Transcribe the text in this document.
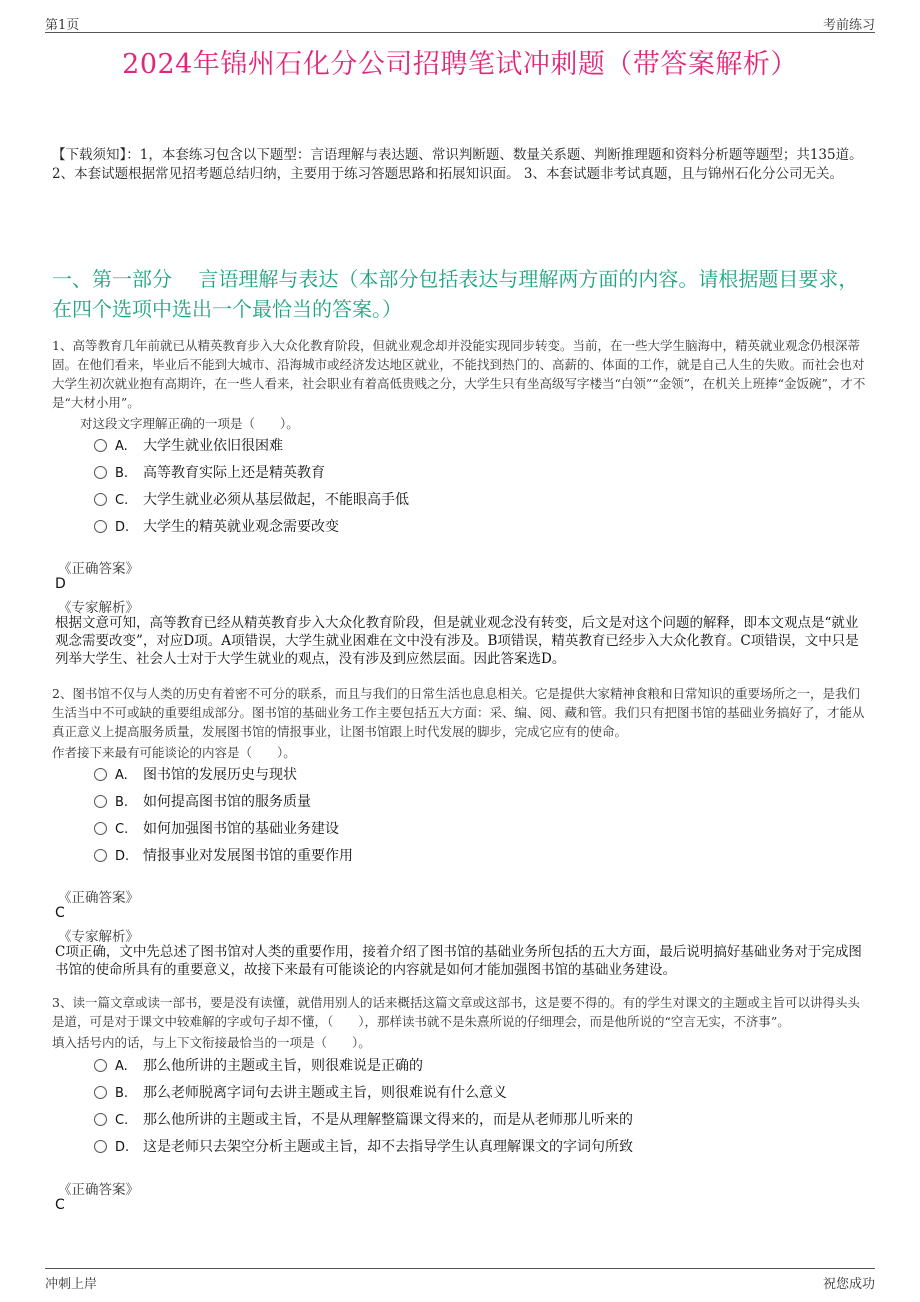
第1页	考前练习
2024年锦州石化分公司招聘笔试冲刺题（带答案解析）
【下载须知】：1，本套练习包含以下题型：言语理解与表达题、常识判断题、数量关系题、判断推理题和资料分析题等题型；共135道。 2、本套试题根据常见招考题总结归纳，主要用于练习答题思路和拓展知识面。 3、本套试题非考试真题，且与锦州石化分公司无关。
一、第一部分　 言语理解与表达（本部分包括表达与理解两方面的内容。请根据题目要求，在四个选项中选出一个最恰当的答案。）
1、高等教育几年前就已从精英教育步入大众化教育阶段，但就业观念却并没能实现同步转变。当前，在一些大学生脑海中，精英就业观念仍根深蒂固。在他们看来，毕业后不能到大城市、沿海城市或经济发达地区就业，不能找到热门的、高薪的、体面的工作，就是自己人生的失败。而社会也对大学生初次就业抱有高期许，在一些人看来，社会职业有着高低贵贱之分，大学生只有坐高级写字楼当“白领”“金领”，在机关上班捧“金饭碗”，才不是“大材小用”。
对这段文字理解正确的一项是（　　）。
A. 大学生就业依旧很困难
B. 高等教育实际上还是精英教育
C. 大学生就业必须从基层做起，不能眼高手低
D. 大学生的精英就业观念需要改变
《正确答案》
D
《专家解析》
根据文意可知，高等教育已经从精英教育步入大众化教育阶段，但是就业观念没有转变，后文是对这个问题的解释，即本文观点是“就业观念需要改变”，对应D项。A项错误，大学生就业困难在文中没有涉及。B项错误，精英教育已经步入大众化教育。C项错误，文中只是列举大学生、社会人士对于大学生就业的观点，没有涉及到应然层面。因此答案选D。
2、图书馆不仅与人类的历史有着密不可分的联系，而且与我们的日常生活也息息相关。它是提供大家精神食粮和日常知识的重要场所之一，是我们生活当中不可或缺的重要组成部分。图书馆的基础业务工作主要包括五大方面：采、编、阅、藏和管。我们只有把图书馆的基础业务搞好了，才能从真正意义上提高服务质量，发展图书馆的情报事业，让图书馆跟上时代发展的脚步，完成它应有的使命。
作者接下来最有可能谈论的内容是（　　）。
A. 图书馆的发展历史与现状
B. 如何提高图书馆的服务质量
C. 如何加强图书馆的基础业务建设
D. 情报事业对发展图书馆的重要作用
《正确答案》
C
《专家解析》
C项正确，文中先总述了图书馆对人类的重要作用，接着介绍了图书馆的基础业务所包括的五大方面，最后说明搞好基础业务对于完成图书馆的使命所具有的重要意义，故接下来最有可能谈论的内容就是如何才能加强图书馆的基础业务建设。
3、读一篇文章或读一部书，要是没有读懂，就借用别人的话来概括这篇文章或这部书，这是要不得的。有的学生对课文的主题或主旨可以讲得头头是道，可是对于课文中较难解的字或句子却不懂，（　　），那样读书就不是朱熹所说的仔细理会，而是他所说的“空言无实，不济事”。
填入括号内的话，与上下文衔接最恰当的一项是（　　）。
A. 那么他所讲的主题或主旨，则很难说是正确的
B. 那么老师脱离字词句去讲主题或主旨，则很难说有什么意义
C. 那么他所讲的主题或主旨，不是从理解整篇课文得来的，而是从老师那儿听来的
D. 这是老师只去架空分析主题或主旨，却不去指导学生认真理解课文的字词句所致
《正确答案》
C
冲刺上岸	祝您成功
